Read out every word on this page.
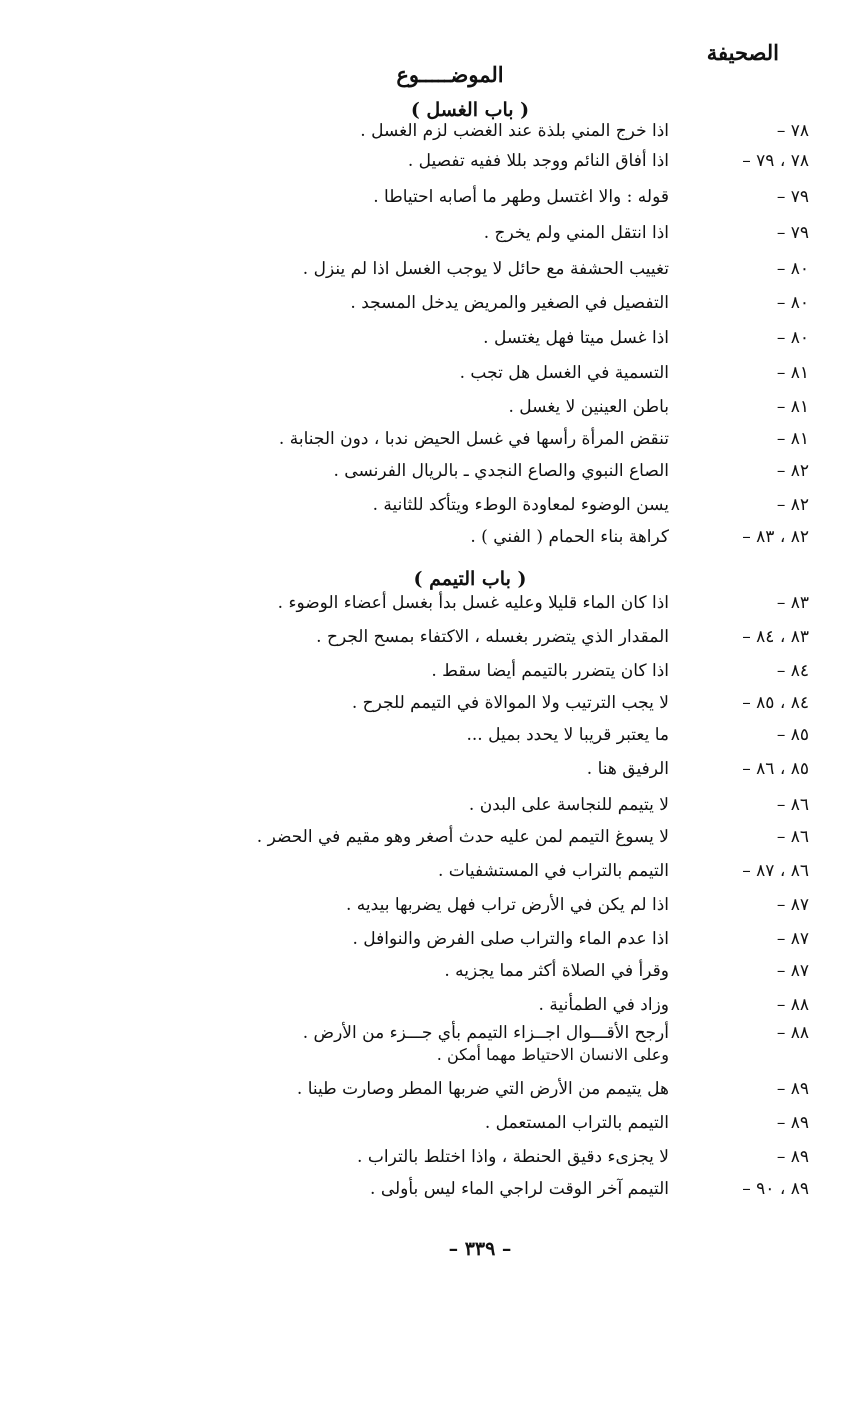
الصحيفة
الموضـــــوع
( باب الغسل )
٧٨ –
اذا خرج المني بلذة عند الغضب لزم الغسل .
٧٨ ، ٧٩ –
اذا أفاق النائم ووجد بللا ففيه تفصيل .
٧٩ –
قوله : والا اغتسل وطهر ما أصابه احتياطا .
٧٩ –
اذا انتقل المني ولم يخرج .
٨٠ –
تغييب الحشفة مع حائل لا يوجب الغسل اذا لم ينزل .
٨٠ –
التفصيل في الصغير والمريض يدخل المسجد .
٨٠ –
اذا غسل ميتا فهل يغتسل .
٨١ –
التسمية في الغسل هل تجب .
٨١ –
باطن العينين لا يغسل .
٨١ –
تنقض المرأة رأسها في غسل الحيض ندبا ، دون الجنابة .
٨٢ –
الصاع النبوي والصاع النجدي ـ بالريال الفرنسى .
٨٢ –
يسن الوضوء لمعاودة الوطء ويتأكد للثانية .
٨٢ ، ٨٣ –
كراهة بناء الحمام ( الفني ) .
( باب التيمم )
٨٣ –
اذا كان الماء قليلا وعليه غسل بدأ بغسل أعضاء الوضوء .
٨٣ ، ٨٤ –
المقدار الذي يتضرر بغسله ، الاكتفاء بمسح الجرح .
٨٤ –
اذا كان يتضرر بالتيمم أيضا سقط .
٨٤ ، ٨٥ –
لا يجب الترتيب ولا الموالاة في التيمم للجرح .
٨٥ –
ما يعتبر قريبا لا يحدد بميل ...
٨٥ ، ٨٦ –
الرفيق هنا .
٨٦ –
لا يتيمم للنجاسة على البدن .
٨٦ –
لا يسوغ التيمم لمن عليه حدث أصغر وهو مقيم في الحضر .
٨٦ ، ٨٧ –
التيمم بالتراب في المستشفيات .
٨٧ –
اذا لم يكن في الأرض تراب فهل يضربها بيديه .
٨٧ –
اذا عدم الماء والتراب صلى الفرض والنوافل .
٨٧ –
وقرأ في الصلاة أكثر مما يجزيه .
٨٨ –
وزاد في الطمأنية .
٨٨ –
أرجح الأقـــوال اجــزاء التيمم بأي جـــزء من الأرض .
وعلى الانسان الاحتياط مهما أمكن .
٨٩ –
هل يتيمم من الأرض التي ضربها المطر وصارت طينا .
٨٩ –
التيمم بالتراب المستعمل .
٨٩ –
لا يجزىء دقيق الحنطة ، واذا اختلط بالتراب .
٨٩ ، ٩٠ –
التيمم آخر الوقت لراجي الماء ليس بأولى .
– ٣٣٩ –
